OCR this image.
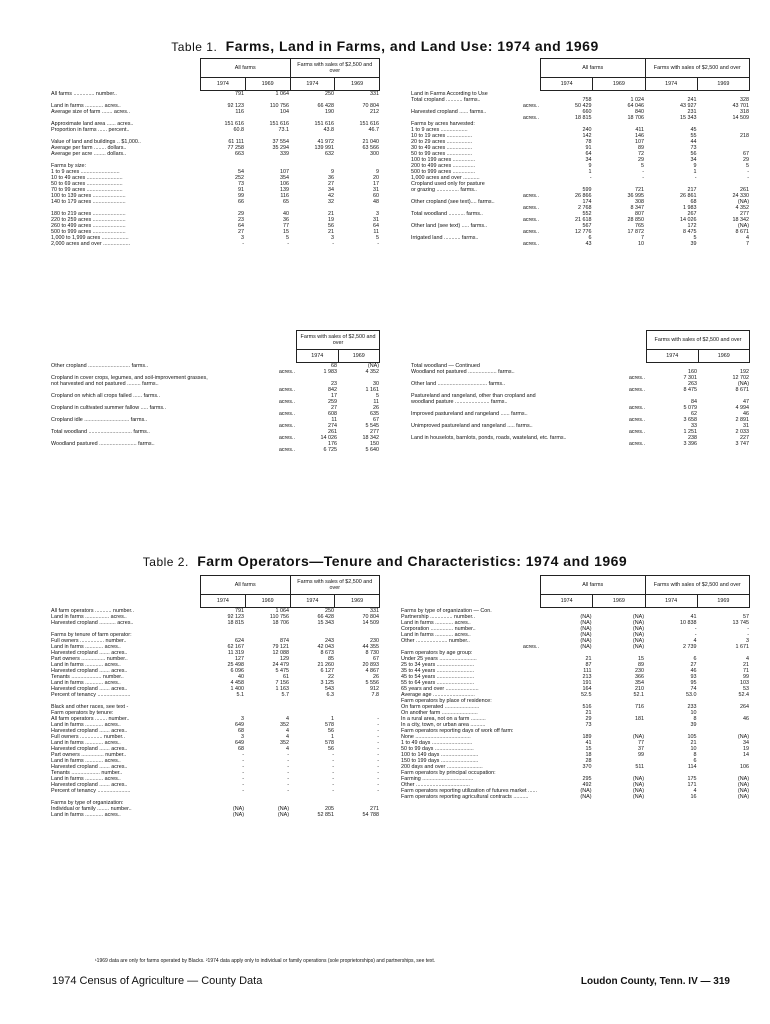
Table 1. Farms, Land in Farms, and Land Use: 1974 and 1969
Table 2. Farm Operators—Tenure and Characteristics: 1974 and 1969
All farms		Farms with sales of $2,500 and over	
1974	1969	1974	1969
All farms .............. number..	791	1 064	250	331

Land in farms ............ acres..	92 123	110 756	66 428	70 804
Average size of farm ....... acres..	116	104	190	212

Approximate land area ...... acres..	151 616	151 616	151 616	151 616
Proportion in farms ...... percent..	60.8	73.1	43.8	46.7

Value of land and buildings .. $1,000..	61 111	37 554	41 972	21 040
Average per farm ........ dollars..	77 258	35 294	139 991	63 566
Average per acre ........ dollars..	663	339	632	300

Farms by size:				
1 to 9 acres ..........................	54	107	9	9
10 to 49 acres ........................	252	354	36	20
50 to 69 acres ........................	73	106	27	17
70 to 99 acres ........................	91	139	34	31
100 to 139 acres ......................	99	116	42	60
140 to 179 acres ......................	66	65	32	48

180 to 219 acres ......................	29	40	21	3
220 to 259 acres ......................	23	36	19	31
260 to 499 acres ......................	64	77	56	64
500 to 999 acres ......................	27	15	21	11
1,000 to 1,999 acres ..................	3	5	3	5
2,000 acres and over ..................	-	-	-	-
All farms		Farms with sales of $2,500 and over	
1974	1969	1974	1969
Land in Farms According to Use				
Total cropland ........... farms..	758	1 024	241	328
acres..	50 429	64 046	43 927	43 701
Harvested cropland ...... farms..	660	840	231	318
acres..	18 815	18 706	15 343	14 509
Farms by acres harvested:				
1 to 9 acres ..................	240	411	45	
10 to 19 acres .................	142	146	55	218
20 to 29 acres .................	78	107	44	
30 to 49 acres .................	91	89	73	
50 to 99 acres .................	64	72	56	67
100 to 199 acres ...............	34	29	34	29
200 to 499 acres ...............	9	5	9	5
500 to 999 acres ...............	1	-	1	-
1,000 acres and over ...........	-	-	-	-
Cropland used only for pasture				
or grazing ............... farms..	599	721	217	261
acres..	26 866	36 995	26 861	24 330
Other cropland (see text).... farms..	174	308	68	(NA)
acres..	2 768	8 347	1 983	4 352
Total woodland ........... farms..	552	807	267	277
acres..	21 618	28 850	14 026	18 342
Other land (see text) ..... farms..	567	765	172	(NA)
acres..	12 776	17 872	8 475	8 671
Irrigated land ........... farms..	6	7	5	4
acres..	43	10	39	7
Farms with sales of $2,500 and over
1974	1969
Other cropland ............................ farms..	68	(NA)
acres..	1 983	4 352
Cropland in cover crops, legumes, and soil-improvement grasses,		
not harvested and not pastured ......... farms..	23	30
acres..	842	1 161
Cropland on which all crops failed ...... farms..	17	5
acres..	259	11
Cropland in cultivated summer fallow ..... farms..	27	26
acres..	608	635
Cropland idle .............................. farms..	11	67
acres..	274	5 545
Total woodland ............................. farms..	261	277
acres..	14 026	18 342
Woodland pastured ......................... farms..	176	150
acres..	6 725	5 640
Farms with sales of $2,500 and over
1974	1969
Total woodland — Continued		
Woodland not pastured ................... farms..	160	192
acres..	7 301	12 702
Other land ................................. farms..	263	(NA)
acres..	8 475	8 671
Pastureland and rangeland, other than cropland and		
woodland pasture ....................... farms..	84	47
acres..	5 079	4 994
Improved pastureland and rangeland ...... farms..	62	46
acres..	3 658	2 891
Unimproved pastureland and rangeland ..... farms..	33	31
acres..	1 251	2 033
Land in houselots, barnlots, ponds, roads, wasteland, etc. farms..	238	227
acres..	3 396	3 747
All farms		Farms with sales of $2,500 and over	
1974	1969	1974	1969
All farm operators ........... number..	791	1 064	250	331
Land in farms ................ acres..	92 123	110 756	66 428	70 804
Harvested cropland ........... acres..	18 815	18 706	15 343	14 509

Farms by tenure of farm operator:				
Full owners ................ number..	624	874	243	230
Land in farms ............ acres..	62 167	79 121	42 043	44 355
Harvested cropland ....... acres..	11 319	12 088	8 673	8 730
Part owners ................ number..	127	129	85	67
Land in farms ............ acres..	25 498	24 479	21 260	20 893
Harvested cropland ....... acres..	6 096	5 475	6 127	4 867
Tenants .................... number..	40	61	22	26
Land in farms ............ acres..	4 458	7 156	3 125	5 556
Harvested cropland ....... acres..	1 400	1 163	543	912
Percent of tenancy ......................	5.1	5.7	6.3	7.8

Black and other races, see text -				
Farm operators by tenure:				
All farm operators ........ number..	3	4	1	-
Land in farms ............ acres..	649	352	578	-
Harvested cropland ....... acres..	68	4	56	-
Full owners ............... number..	3	4	1	-
Land in farms ............ acres..	649	352	578	-
Harvested cropland ....... acres..	68	4	56	-
Part owners ............... number..	-	-	-	-
Land in farms ............ acres..	-	-	-	-
Harvested cropland ....... acres..	-	-	-	-
Tenants ................... number..	-	-	-	-
Land in farms ............ acres..	-	-	-	-
Harvested cropland ....... acres..	-	-	-	-
Percent of tenancy ......................	-	-	-	-

Farms by type of organization:				
Individual or family ........ number..	(NA)	(NA)	205	271
Land in farms ............ acres..	(NA)	(NA)	52 851	54 788
All farms		Farms with sales of $2,500 and over	
1974	1969	1974	1969
Farms by type of organization — Con.				
Partnership ............... number..	(NA)	(NA)	41	57
Land in farms ............ acres..	(NA)	(NA)	10 838	13 745
Corporation ............... number..	(NA)	(NA)	-	-
Land in farms ............ acres..	(NA)	(NA)	-	-
Other ..................... number..	(NA)	(NA)	4	3
acres..	(NA)	(NA)	2 739	1 671
Farm operators by age group:				
Under 25 years .........................	21	15	6	4
25 to 34 years .........................	87	89	27	21
35 to 44 years .........................	111	230	46	71
45 to 54 years .........................	213	366	93	99
55 to 64 years .........................	191	354	95	103
65 years and over ......................	164	210	74	53
Average age ............................	52.5	52.1	53.0	52.4
Farm operators by place of residence:				
On farm operated .......................	516	716	233	264
On another farm ........................	21		10	
In a rural area, not on a farm ..........	29	181	8	46
In a city, town, or urban area ..........	73		39	
Farm operators reporting days of work off farm:				
None .....................................	189	(NA)	105	(NA)
1 to 49 days ...........................	41	77	21	34
50 to 99 days ..........................	15	37	10	19
100 to 149 days .........................	18	99	8	14
150 to 199 days .........................	28		6	
200 days and over ........................	370	511	114	106
Farm operators by principal occupation:				
Farming ..................................	295	(NA)	175	(NA)
Other ....................................	492	(NA)	171	(NA)
Farm operators reporting utilization of futures market ......	(NA)	(NA)	4	(NA)
Farm operators reporting agricultural contracts ..........	(NA)	(NA)	16	(NA)
¹1969 data are only for farms operated by Blacks. ²1974 data apply only to individual or family operations (sole proprietorships) and partnerships, see text.
1974 Census of Agriculture — County Data	Loudon County, Tenn. IV — 319
